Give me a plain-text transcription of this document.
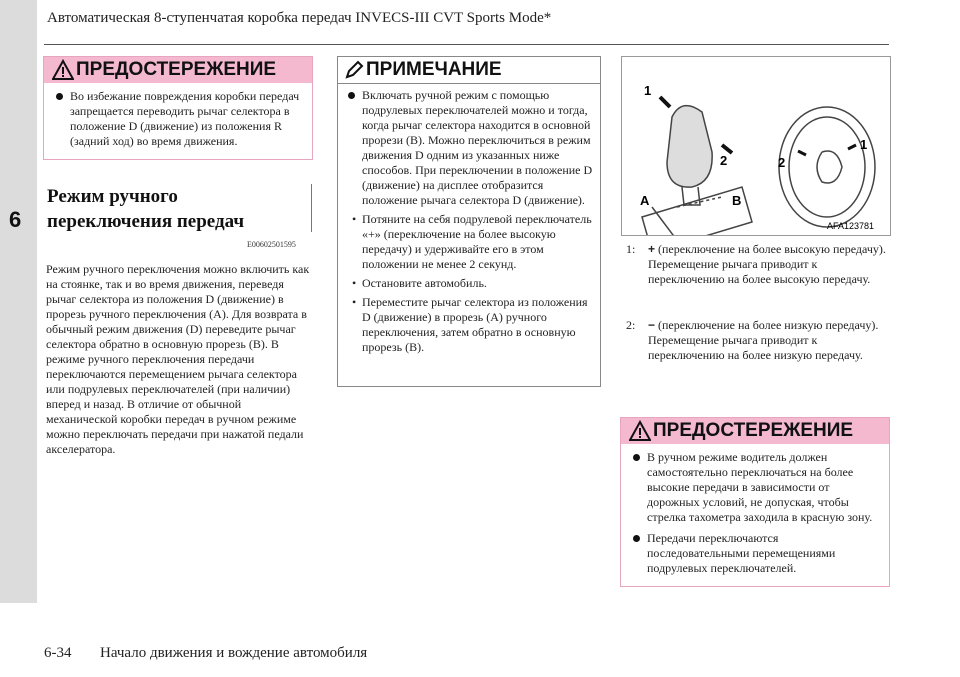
6
Автоматическая 8-ступенчатая коробка передач INVECS-III CVT Sports Mode*
ПРЕДОСТЕРЕЖЕНИЕ
Во избежание повреждения коробки передач запрещается переводить рычаг селектора в положение D (движение) из положения R (задний ход) во время движения.
Режим ручного
переключения передач
E00602501595
Режим ручного переключения можно включить как на стоянке, так и во время движения, переведя рычаг селектора из положения D (движение) в прорезь ручного переключения (A). Для возврата в обычный режим движения (D) переведите рычаг селектора обратно в основную прорезь (B). В режиме ручного переключения передачи переключаются перемещением рычага селектора или подрулевых переключателей (при наличии) вперед и назад. В отличие от обычной механической коробки передач в ручном режиме можно переключать передачи при нажатой педали акселератора.
ПРИМЕЧАНИЕ
Включать ручной режим с помощью подрулевых переключателей можно и тогда, когда рычаг селектора находится в основной прорези (B). Можно переключиться в режим движения D одним из указанных ниже способов. При переключении в положение D (движение) на дисплее отобразится положение рычага селектора D (движение).
• Потяните на себя подрулевой переключатель «+» (переключение на более высокую передачу) и удерживайте его в этом положении не менее 2 секунд.
• Остановите автомобиль.
• Переместите рычаг селектора из положения D (движение) в прорезь (A) ручного переключения, затем обратно в основную прорезь (B).
1
2
A	B
2
1
AFA123781
1:	+ (переключение на более высокую передачу). Перемещение рычага приводит к переключению на более высокую передачу.
2:	− (переключение на более низкую передачу). Перемещение рычага приводит к переключению на более низкую передачу.
ПРЕДОСТЕРЕЖЕНИЕ
В ручном режиме водитель должен самостоятельно переключаться на более высокие передачи в зависимости от дорожных условий, не допуская, чтобы стрелка тахометра заходила в красную зону.
Передачи переключаются последовательными перемещениями подрулевых переключателей.
6-34 Начало движения и вождение автомобиля
